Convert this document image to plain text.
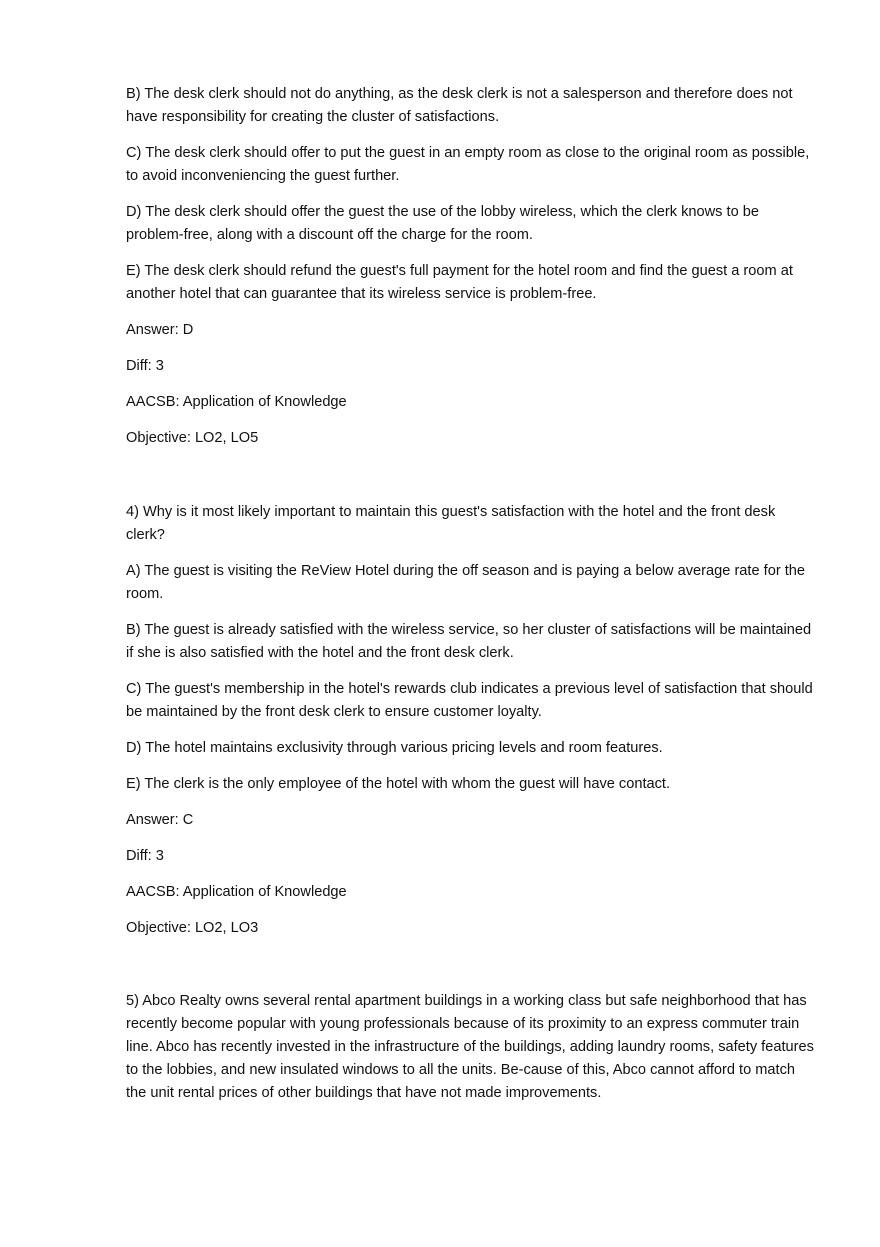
B) The desk clerk should not do anything, as the desk clerk is not a salesperson and therefore does not have responsibility for creating the cluster of satisfactions.

C) The desk clerk should offer to put the guest in an empty room as close to the original room as possible, to avoid inconveniencing the guest further.

D) The desk clerk should offer the guest the use of the lobby wireless, which the clerk knows to be problem-free, along with a discount off the charge for the room.

E) The desk clerk should refund the guest's full payment for the hotel room and find the guest a room at another hotel that can guarantee that its wireless service is problem-free.

Answer: D

Diff: 3

AACSB: Application of Knowledge

Objective: LO2, LO5

4) Why is it most likely important to maintain this guest's satisfaction with the hotel and the front desk clerk?

A) The guest is visiting the ReView Hotel during the off season and is paying a below average rate for the room.

B) The guest is already satisfied with the wireless service, so her cluster of satisfactions will be maintained if she is also satisfied with the hotel and the front desk clerk.

C) The guest's membership in the hotel's rewards club indicates a previous level of satisfaction that should be maintained by the front desk clerk to ensure customer loyalty.

D) The hotel maintains exclusivity through various pricing levels and room features.

E) The clerk is the only employee of the hotel with whom the guest will have contact.

Answer: C

Diff: 3

AACSB: Application of Knowledge

Objective: LO2, LO3

5) Abco Realty owns several rental apartment buildings in a working class but safe neighborhood that has recently become popular with young professionals because of its proximity to an express commuter train line. Abco has recently invested in the infrastructure of the buildings, adding laundry rooms, safety features to the lobbies, and new insulated windows to all the units. Be-cause of this, Abco cannot afford to match the unit rental prices of other buildings that have not made improvements.
